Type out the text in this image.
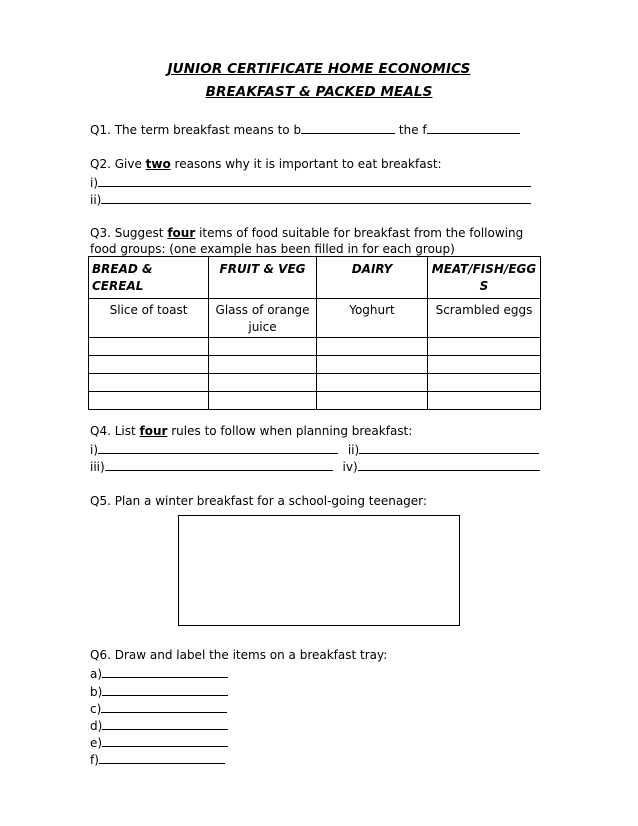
JUNIOR CERTIFICATE HOME ECONOMICS
BREAKFAST & PACKED MEALS
Q1. The term breakfast means to b	the f
Q2. Give two reasons why it is important to eat breakfast:
i)
ii)
Q3. Suggest four items of food suitable for breakfast from the following
food groups: (one example has been filled in for each group)
BREAD & CEREAL	FRUIT & VEG	DAIRY	MEAT/FISH/EGGS
Slice of toast	Glass of orange juice	Yoghurt	Scrambled eggs

Q4. List four rules to follow when planning breakfast:
i)	ii)
iii)	iv)
Q5. Plan a winter breakfast for a school-going teenager:
Q6. Draw and label the items on a breakfast tray:
a)
b)
c)
d)
e)
f)
